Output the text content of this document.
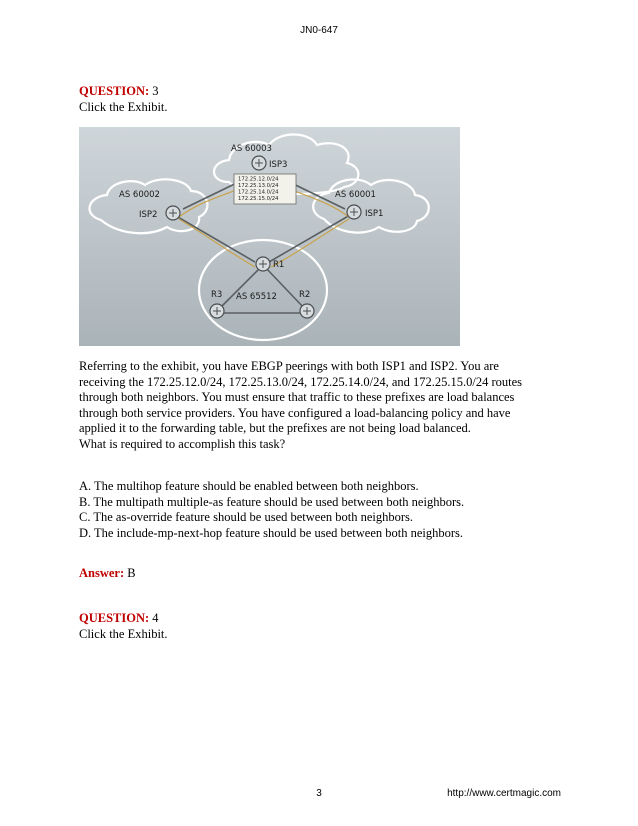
JN0-647
QUESTION: 3
Click the Exhibit.
172.25.12.0/24
172.25.13.0/24
172.25.14.0/24
172.25.15.0/24
AS 60003
ISP3
AS 60002
ISP2
AS 60001
ISP1
R1
R3	R2
AS 65512
Referring to the exhibit, you have EBGP peerings with both ISP1 and ISP2. You are
receiving the 172.25.12.0/24, 172.25.13.0/24, 172.25.14.0/24, and 172.25.15.0/24 routes
through both neighbors. You must ensure that traffic to these prefixes are load balances
through both service providers. You have configured a load-balancing policy and have
applied it to the forwarding table, but the prefixes are not being load balanced.
What is required to accomplish this task?
A. The multihop feature should be enabled between both neighbors.
B. The multipath multiple-as feature should be used between both neighbors.
C. The as-override feature should be used between both neighbors.
D. The include-mp-next-hop feature should be used between both neighbors.
Answer: B
QUESTION: 4
Click the Exhibit.
3	http://www.certmagic.com
